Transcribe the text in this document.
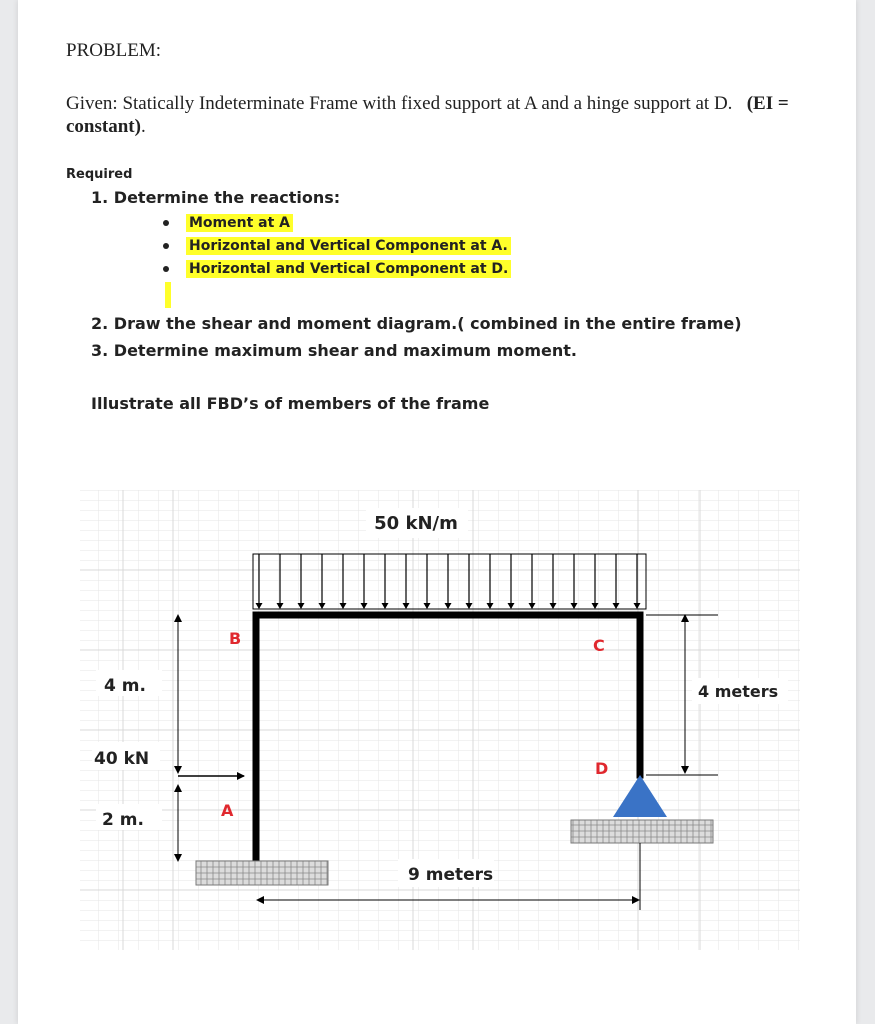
PROBLEM:
Given: Statically Indeterminate Frame with fixed support at A and a hinge support at D. (EI = constant).
Required
1. Determine the reactions:
Moment at A
Horizontal and Vertical Component at A.
Horizontal and Vertical Component at D.
2. Draw the shear and moment diagram.( combined in the entire frame)
3. Determine maximum shear and maximum moment.
Illustrate all FBD’s of members of the frame
50 kN/m
B	C
A
D
4 m.
40 kN
2 m.
4 meters
9 meters
